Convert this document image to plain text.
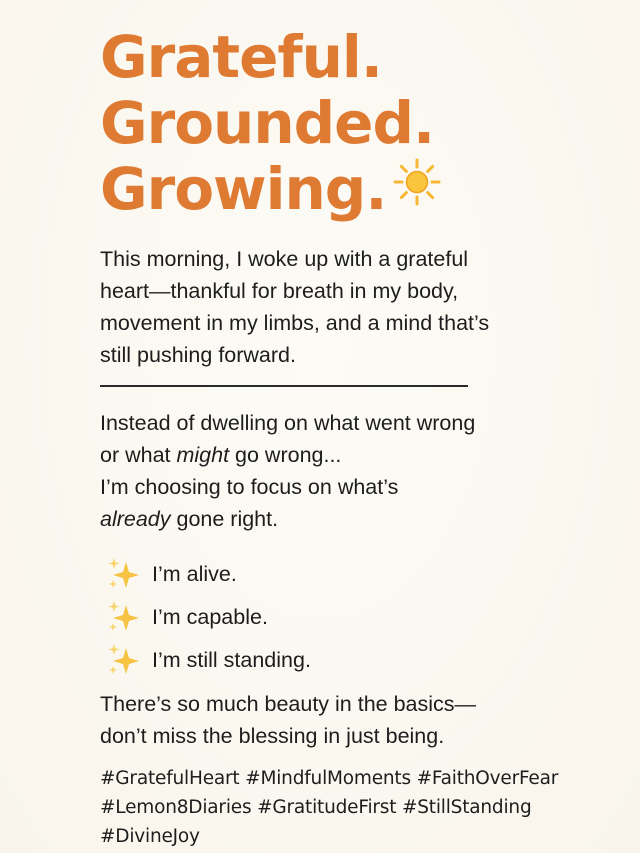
Grateful.
Grounded.
Growing.
This morning, I woke up with a grateful
heart—thankful for breath in my body,
movement in my limbs, and a mind that’s
still pushing forward.
Instead of dwelling on what went wrong
or what might go wrong...
I’m choosing to focus on what’s
already gone right.
I’m alive.
I’m capable.
I’m still standing.
There’s so much beauty in the basics—
don’t miss the blessing in just being.
#GratefulHeart #MindfulMoments #FaithOverFear
#Lemon8Diaries #GratitudeFirst #StillStanding
#DivineJoy
